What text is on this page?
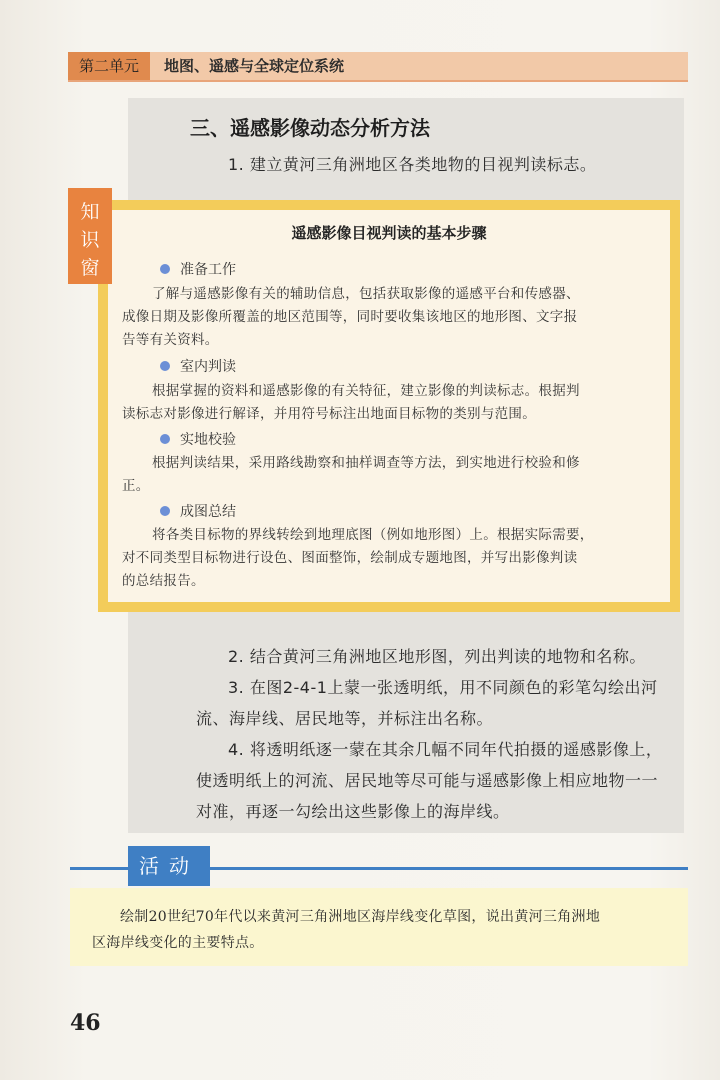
第二单元	地图、遥感与全球定位系统
三、遥感影像动态分析方法
1. 建立黄河三角洲地区各类地物的目视判读标志。
知
识
窗
遥感影像目视判读的基本步骤
准备工作
了解与遥感影像有关的辅助信息，包括获取影像的遥感平台和传感器、
成像日期及影像所覆盖的地区范围等，同时要收集该地区的地形图、文字报
告等有关资料。
室内判读
根据掌握的资料和遥感影像的有关特征，建立影像的判读标志。根据判
读标志对影像进行解译，并用符号标注出地面目标物的类别与范围。
实地校验
根据判读结果，采用路线勘察和抽样调查等方法，到实地进行校验和修
正。
成图总结
将各类目标物的界线转绘到地理底图（例如地形图）上。根据实际需要，
对不同类型目标物进行设色、图面整饰，绘制成专题地图，并写出影像判读
的总结报告。
2. 结合黄河三角洲地区地形图，列出判读的地物和名称。
3. 在图2-4-1上蒙一张透明纸，用不同颜色的彩笔勾绘出河
流、海岸线、居民地等，并标注出名称。
4. 将透明纸逐一蒙在其余几幅不同年代拍摄的遥感影像上，
使透明纸上的河流、居民地等尽可能与遥感影像上相应地物一一
对准，再逐一勾绘出这些影像上的海岸线。
活动
绘制20世纪70年代以来黄河三角洲地区海岸线变化草图，说出黄河三角洲地
区海岸线变化的主要特点。
46
